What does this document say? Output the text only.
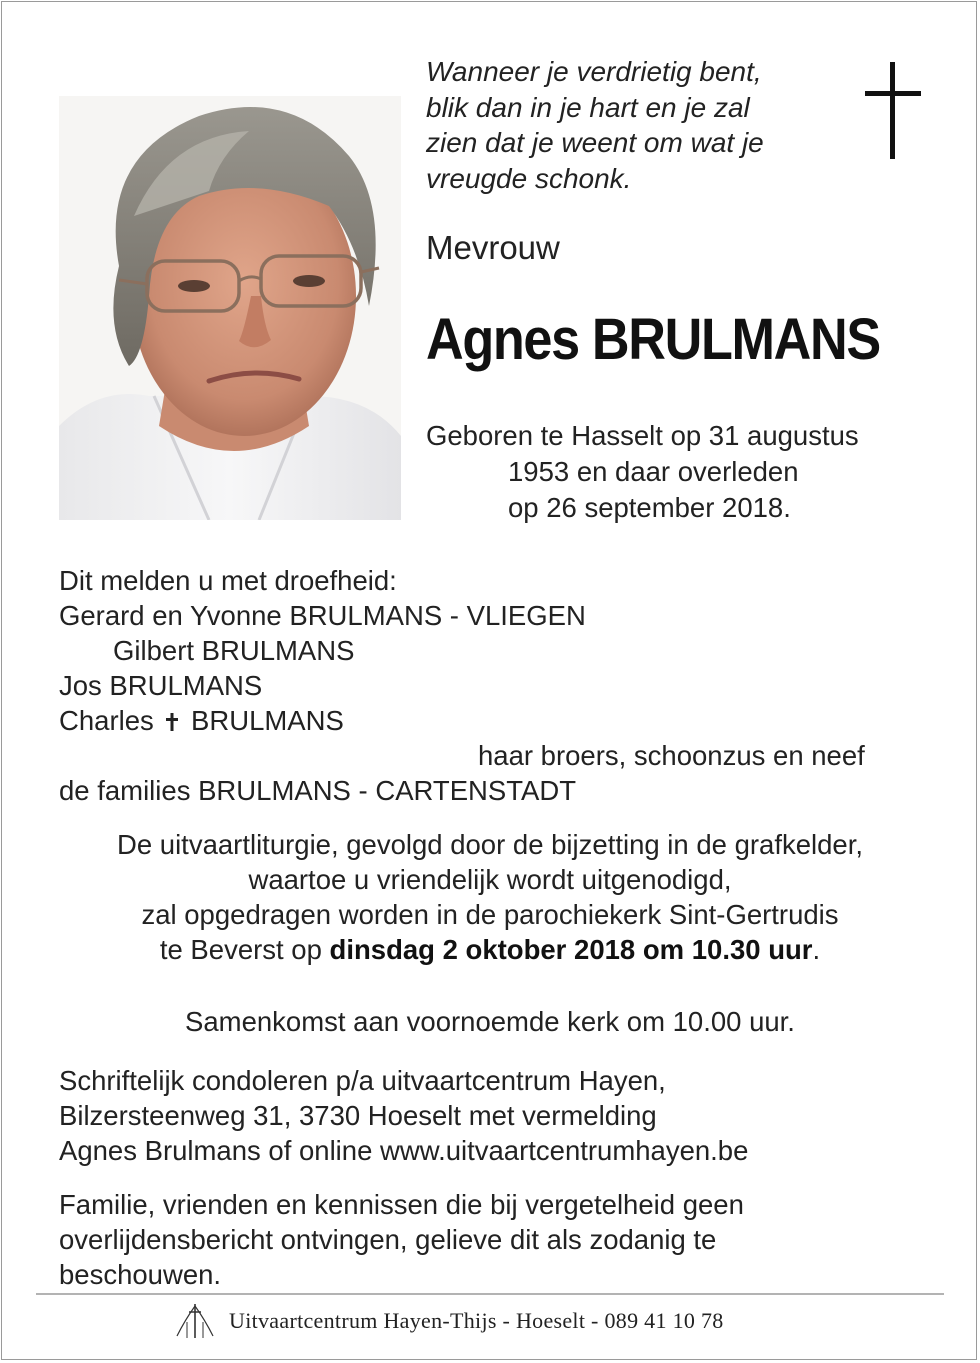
Wanneer je verdrietig bent,
blik dan in je hart en je zal
zien dat je weent om wat je
vreugde schonk.
Mevrouw
Agnes BRULMANS
Geboren te Hasselt op 31 augustus
1953 en daar overleden
op 26 september 2018.
Dit melden u met droefheid:
Gerard en Yvonne BRULMANS - VLIEGEN
Gilbert BRULMANS
Jos BRULMANS
Charles BRULMANS
haar broers, schoonzus en neef
de families BRULMANS - CARTENSTADT
De uitvaartliturgie, gevolgd door de bijzetting in de grafkelder,
waartoe u vriendelijk wordt uitgenodigd,
zal opgedragen worden in de parochiekerk Sint-Gertrudis
te Beverst op dinsdag 2 oktober 2018 om 10.30 uur.
Samenkomst aan voornoemde kerk om 10.00 uur.
Schriftelijk condoleren p/a uitvaartcentrum Hayen,
Bilzersteenweg 31, 3730 Hoeselt met vermelding
Agnes Brulmans of online www.uitvaartcentrumhayen.be
Familie, vrienden en kennissen die bij vergetelheid geen
overlijdensbericht ontvingen, gelieve dit als zodanig te
beschouwen.
Uitvaartcentrum Hayen-Thijs - Hoeselt - 089 41 10 78
